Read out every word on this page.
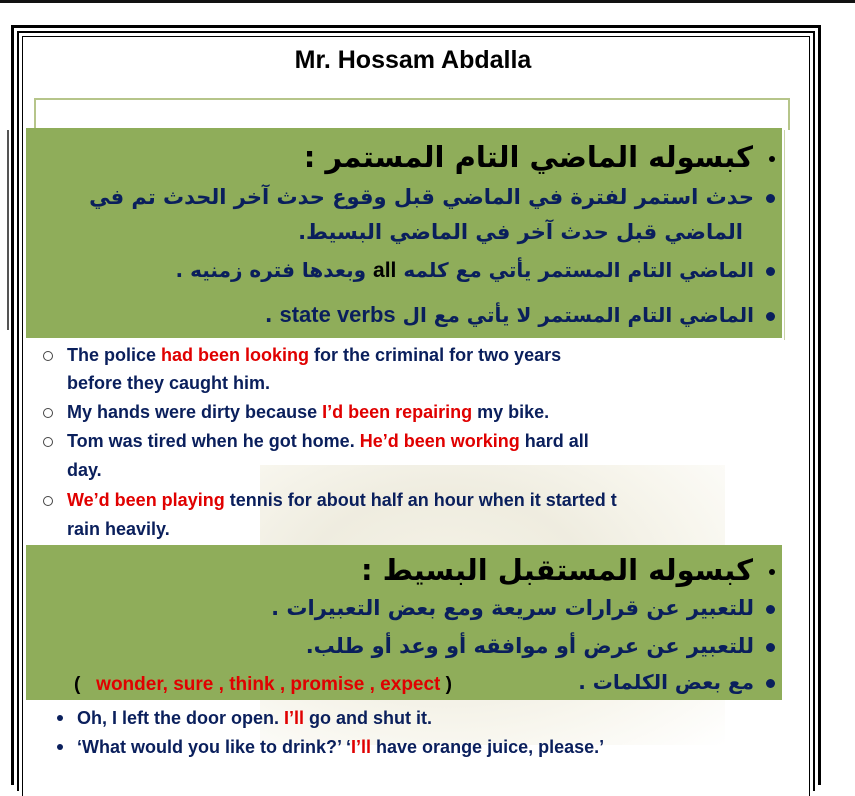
Mr. Hossam Abdalla
كبسوله الماضي التام المستمر :
حدث استمر لفترة في الماضي قبل وقوع حدث آخر الحدث تم في
الماضي قبل حدث آخر في الماضي البسيط.
الماضي التام المستمر يأتي مع كلمه all وبعدها فتره زمنيه .
الماضي التام المستمر لا يأتي مع ال state verbs .
The police had been looking for the criminal for two years
before they caught him.
My hands were dirty because I’d been repairing my bike.
Tom was tired when he got home. He’d been working hard all
day.
We’d been playing tennis for about half an hour when it started t
rain heavily.
كبسوله المستقبل البسيط :
للتعبير عن قرارات سريعة ومع بعض التعبيرات .
للتعبير عن عرض أو موافقه أو وعد أو طلب.
مع بعض الكلمات .
( wonder, sure , think , promise , expect )
Oh, I left the door open. I’ll go and shut it.
‘What would you like to drink?’ ‘I’ll have orange juice, please.’
